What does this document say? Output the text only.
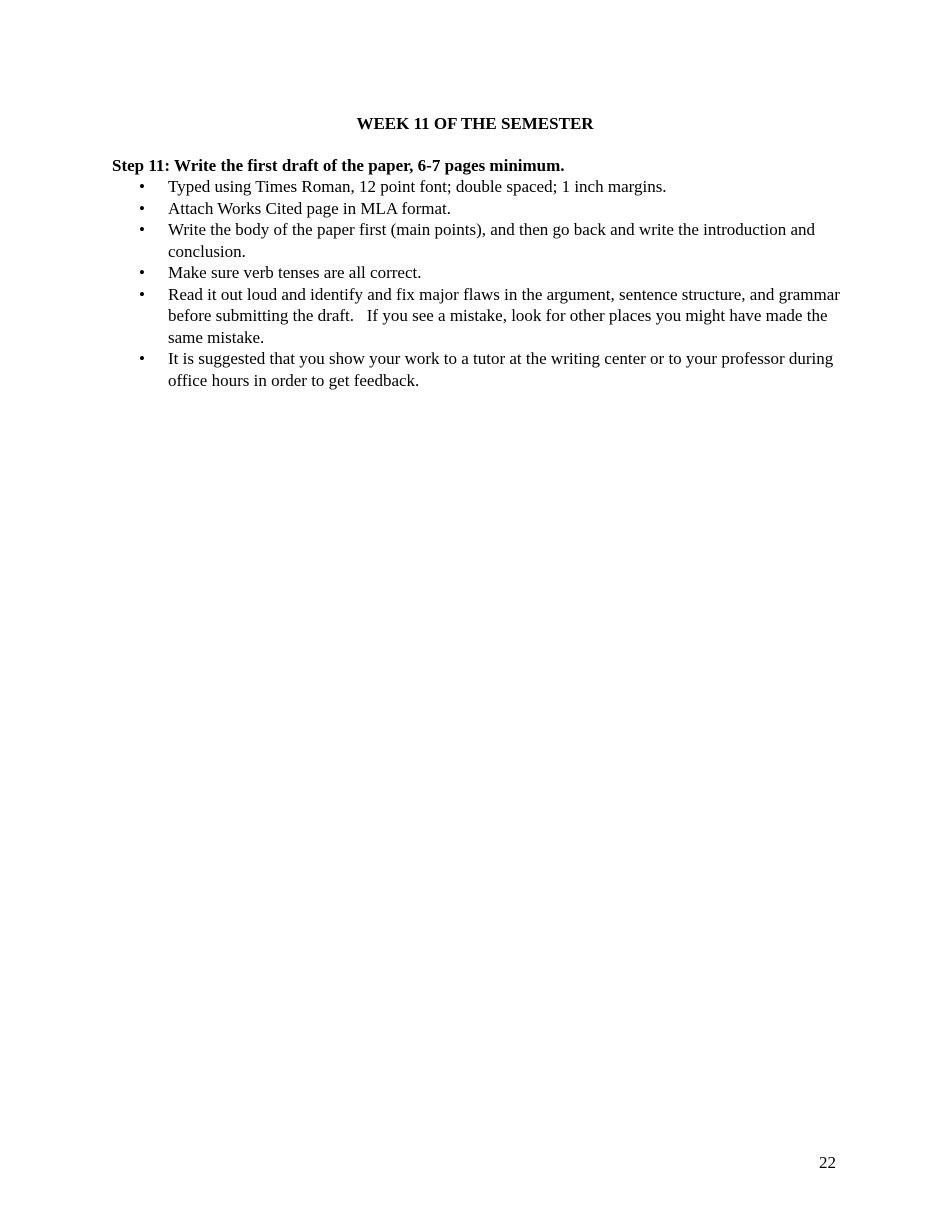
WEEK 11 OF THE SEMESTER
Step 11: Write the first draft of the paper, 6-7 pages minimum.
• Typed using Times Roman, 12 point font; double spaced; 1 inch margins.
• Attach Works Cited page in MLA format.
• Write the body of the paper first (main points), and then go back and write the introduction and conclusion.
• Make sure verb tenses are all correct.
• Read it out loud and identify and fix major flaws in the argument, sentence structure, and grammar before submitting the draft.   If you see a mistake, look for other places you might have made the same mistake.
• It is suggested that you show your work to a tutor at the writing center or to your professor during office hours in order to get feedback.
22
